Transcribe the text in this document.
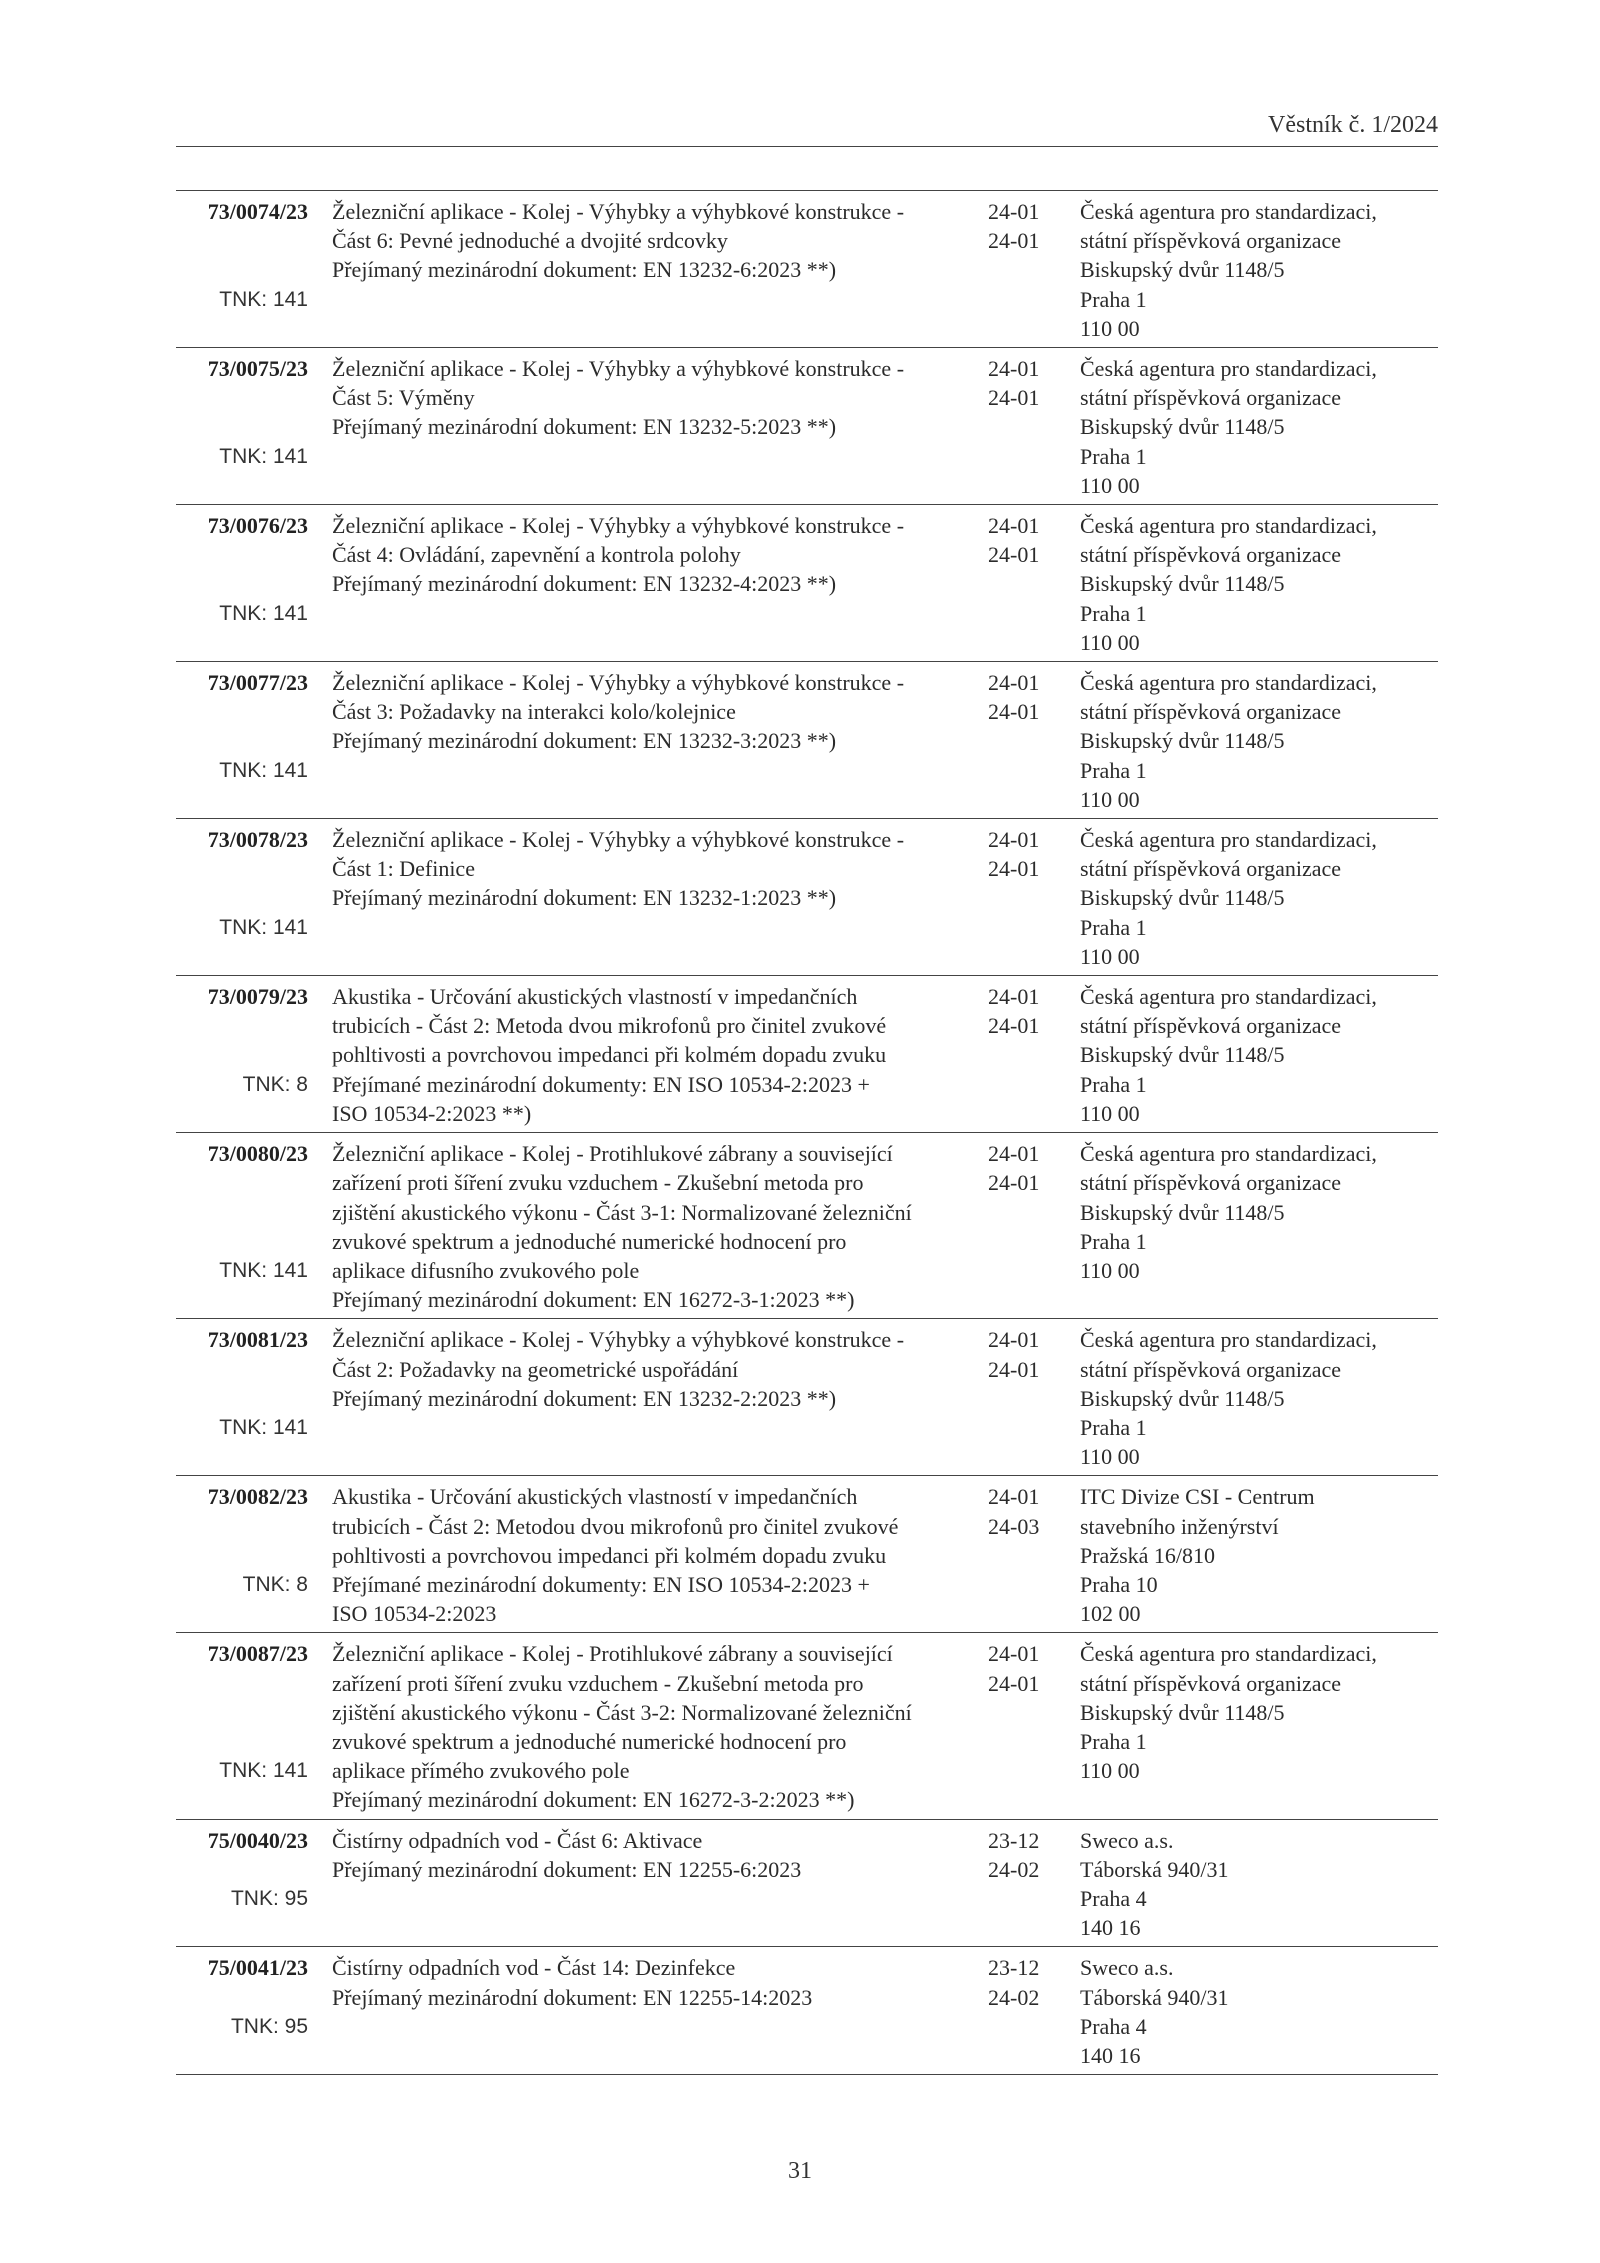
Věstník č. 1/2024
73/0074/23
TNK: 141
Železniční aplikace - Kolej - Výhybky a výhybkové konstrukce -
Část 6: Pevné jednoduché a dvojité srdcovky
Přejímaný mezinárodní dokument: EN 13232-6:2023 **)
24-01
24-01
Česká agentura pro standardizaci,
státní příspěvková organizace
Biskupský dvůr 1148/5
Praha 1
110 00
73/0075/23
TNK: 141
Železniční aplikace - Kolej - Výhybky a výhybkové konstrukce -
Část 5: Výměny
Přejímaný mezinárodní dokument: EN 13232-5:2023 **)
24-01
24-01
Česká agentura pro standardizaci,
státní příspěvková organizace
Biskupský dvůr 1148/5
Praha 1
110 00
73/0076/23
TNK: 141
Železniční aplikace - Kolej - Výhybky a výhybkové konstrukce -
Část 4: Ovládání, zapevnění a kontrola polohy
Přejímaný mezinárodní dokument: EN 13232-4:2023 **)
24-01
24-01
Česká agentura pro standardizaci,
státní příspěvková organizace
Biskupský dvůr 1148/5
Praha 1
110 00
73/0077/23
TNK: 141
Železniční aplikace - Kolej - Výhybky a výhybkové konstrukce -
Část 3: Požadavky na interakci kolo/kolejnice
Přejímaný mezinárodní dokument: EN 13232-3:2023 **)
24-01
24-01
Česká agentura pro standardizaci,
státní příspěvková organizace
Biskupský dvůr 1148/5
Praha 1
110 00
73/0078/23
TNK: 141
Železniční aplikace - Kolej - Výhybky a výhybkové konstrukce -
Část 1: Definice
Přejímaný mezinárodní dokument: EN 13232-1:2023 **)
24-01
24-01
Česká agentura pro standardizaci,
státní příspěvková organizace
Biskupský dvůr 1148/5
Praha 1
110 00
73/0079/23
TNK: 8
Akustika - Určování akustických vlastností v impedančních
trubicích - Část 2: Metoda dvou mikrofonů pro činitel zvukové
pohltivosti a povrchovou impedanci při kolmém dopadu zvuku
Přejímané mezinárodní dokumenty: EN ISO 10534-2:2023 +
ISO 10534-2:2023 **)
24-01
24-01
Česká agentura pro standardizaci,
státní příspěvková organizace
Biskupský dvůr 1148/5
Praha 1
110 00
73/0080/23
TNK: 141
Železniční aplikace - Kolej - Protihlukové zábrany a související
zařízení proti šíření zvuku vzduchem - Zkušební metoda pro
zjištění akustického výkonu - Část 3-1: Normalizované železniční
zvukové spektrum a jednoduché numerické hodnocení pro
aplikace difusního zvukového pole
Přejímaný mezinárodní dokument: EN 16272-3-1:2023 **)
24-01
24-01
Česká agentura pro standardizaci,
státní příspěvková organizace
Biskupský dvůr 1148/5
Praha 1
110 00
73/0081/23
TNK: 141
Železniční aplikace - Kolej - Výhybky a výhybkové konstrukce -
Část 2: Požadavky na geometrické uspořádání
Přejímaný mezinárodní dokument: EN 13232-2:2023 **)
24-01
24-01
Česká agentura pro standardizaci,
státní příspěvková organizace
Biskupský dvůr 1148/5
Praha 1
110 00
73/0082/23
TNK: 8
Akustika - Určování akustických vlastností v impedančních
trubicích - Část 2: Metodou dvou mikrofonů pro činitel zvukové
pohltivosti a povrchovou impedanci při kolmém dopadu zvuku
Přejímané mezinárodní dokumenty: EN ISO 10534-2:2023 +
ISO 10534-2:2023
24-01
24-03
ITC Divize CSI - Centrum
stavebního inženýrství
Pražská 16/810
Praha 10
102 00
73/0087/23
TNK: 141
Železniční aplikace - Kolej - Protihlukové zábrany a související
zařízení proti šíření zvuku vzduchem - Zkušební metoda pro
zjištění akustického výkonu - Část 3-2: Normalizované železniční
zvukové spektrum a jednoduché numerické hodnocení pro
aplikace přímého zvukového pole
Přejímaný mezinárodní dokument: EN 16272-3-2:2023 **)
24-01
24-01
Česká agentura pro standardizaci,
státní příspěvková organizace
Biskupský dvůr 1148/5
Praha 1
110 00
75/0040/23
TNK: 95
Čistírny odpadních vod - Část 6: Aktivace
Přejímaný mezinárodní dokument: EN 12255-6:2023
23-12
24-02
Sweco a.s.
Táborská 940/31
Praha 4
140 16
75/0041/23
TNK: 95
Čistírny odpadních vod - Část 14: Dezinfekce
Přejímaný mezinárodní dokument: EN 12255-14:2023
23-12
24-02
Sweco a.s.
Táborská 940/31
Praha 4
140 16
31
